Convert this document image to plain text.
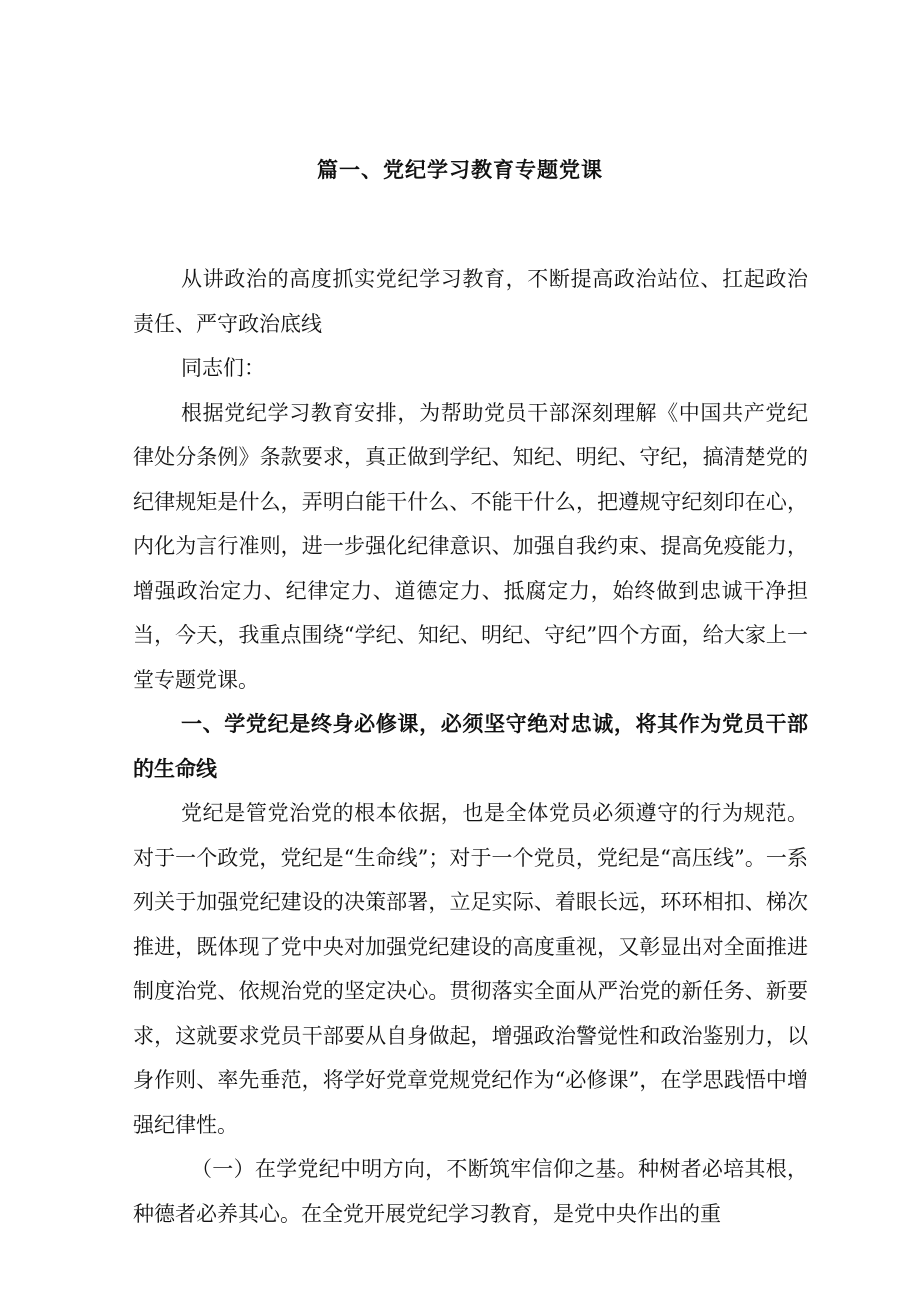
篇一、党纪学习教育专题党课

从讲政治的高度抓实党纪学习教育，不断提高政治站位、扛起政治责任、严守政治底线

同志们：

根据党纪学习教育安排，为帮助党员干部深刻理解《中国共产党纪律处分条例》条款要求，真正做到学纪、知纪、明纪、守纪，搞清楚党的纪律规矩是什么，弄明白能干什么、不能干什么，把遵规守纪刻印在心，内化为言行准则，进一步强化纪律意识、加强自我约束、提高免疫能力，增强政治定力、纪律定力、道德定力、抵腐定力，始终做到忠诚干净担当，今天，我重点围绕“学纪、知纪、明纪、守纪”四个方面，给大家上一堂专题党课。

一、学党纪是终身必修课，必须坚守绝对忠诚，将其作为党员干部的生命线

党纪是管党治党的根本依据，也是全体党员必须遵守的行为规范。对于一个政党，党纪是“生命线”；对于一个党员，党纪是“高压线”。一系列关于加强党纪建设的决策部署，立足实际、着眼长远，环环相扣、梯次推进，既体现了党中央对加强党纪建设的高度重视，又彰显出对全面推进制度治党、依规治党的坚定决心。贯彻落实全面从严治党的新任务、新要求，这就要求党员干部要从自身做起，增强政治警觉性和政治鉴别力，以身作则、率先垂范，将学好党章党规党纪作为“必修课”，在学思践悟中增强纪律性。

（一）在学党纪中明方向，不断筑牢信仰之基。种树者必培其根，种德者必养其心。在全党开展党纪学习教育，是党中央作出的重
